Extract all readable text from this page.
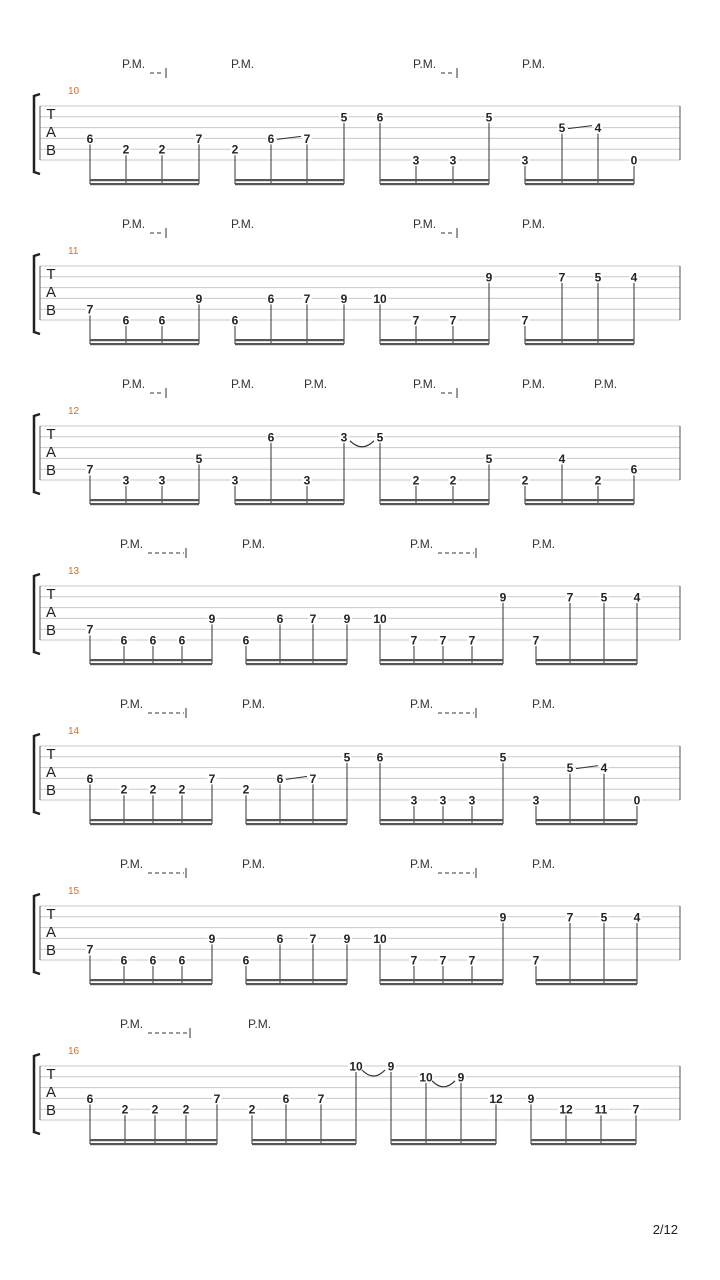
P.M.	P.M.	P.M.	P.M.
10
T
A
B
6
2 2
7
2
6 7
5 6
3	3
5
3
5 4
0
P.M.	P.M.	P.M.	P.M.
11
T
A
B	7
6 6
9
6
6 7	9 10
7	7
9
7
7 5 4
P.M.	P.M.	P.M.	P.M.	P.M.	P.M.
12
T
A
B	7
3 3
5
3
6
3
3 5
2	2
5
2
4
2
6
P.M.	P.M.	P.M.	P.M.
13
T
A
B	7
6 6 6
9
6
6 7 9 10
7 7 7
9
7
7 5 4
P.M.	P.M.	P.M.	P.M.
14
T
A
B
6
2 2 2
7
2
6 7
5 6
3 3 3
5
3
5 4
0
P.M.	P.M.	P.M.	P.M.
15
T
A
B	7
6 6 6
9
6
6 7 9 10
7 7 7
9
7
7 5 4
P.M.	P.M.
16
T
A
B
6
2 2 2
7
2
6 7
10 9
10 9
12 9
12 11 7
2/12
